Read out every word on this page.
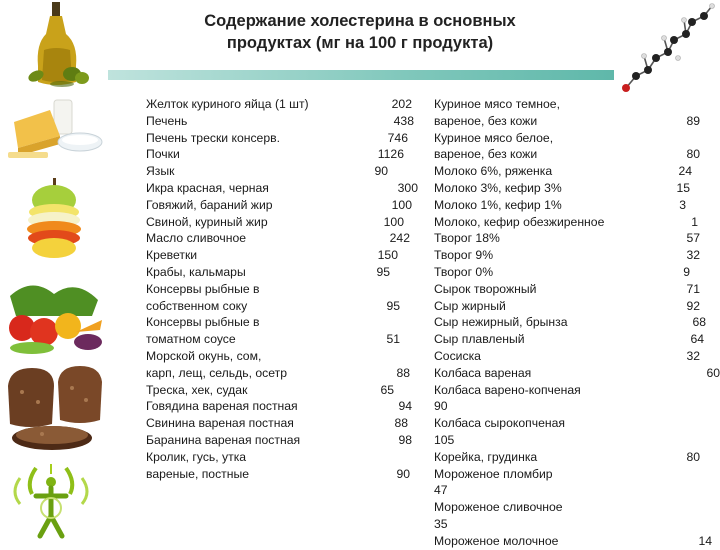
Содержание холестерина в основных
продуктах (мг на 100 г продукта)
Желток куриного яйца (1 шт)	202
Печень	438
Печень трески консерв.	746
Почки	1126
Язык	90
Икра красная, черная	300
Говяжий, бараний жир	100
Свиной, куриный жир	100
Масло сливочное	242
Креветки	150
Крабы, кальмары	95
Консервы рыбные в
собственном соку	95
Консервы рыбные в
томатном соусе	51
Морской окунь, сом,
карп, лещ, сельдь, осетр	88
Треска, хек, судак	65
Говядина вареная постная	94
Свинина вареная постная	88
Баранина вареная постная	98
Кролик, гусь, утка
вареные, постные	90
Куриное мясо темное,
вареное, без кожи	89
Куриное мясо белое,
вареное, без кожи	80
Молоко 6%, ряженка	24
Молоко 3%, кефир 3%	15
Молоко 1%, кефир 1%	3
Молоко, кефир обезжиренное	1
Творог 18%	57
Творог 9%	32
Творог 0%	9
Сырок творожный	71
Сыр жирный	92
Сыр нежирный, брынза	68
Сыр плавленый	64
Сосиска	32
Колбаса вареная	60
Колбаса варено-копченая
90
Колбаса сырокопченая
105
Корейка, грудинка	80
Мороженое пломбир
47
Мороженое сливочное
35
Мороженое молочное	14
